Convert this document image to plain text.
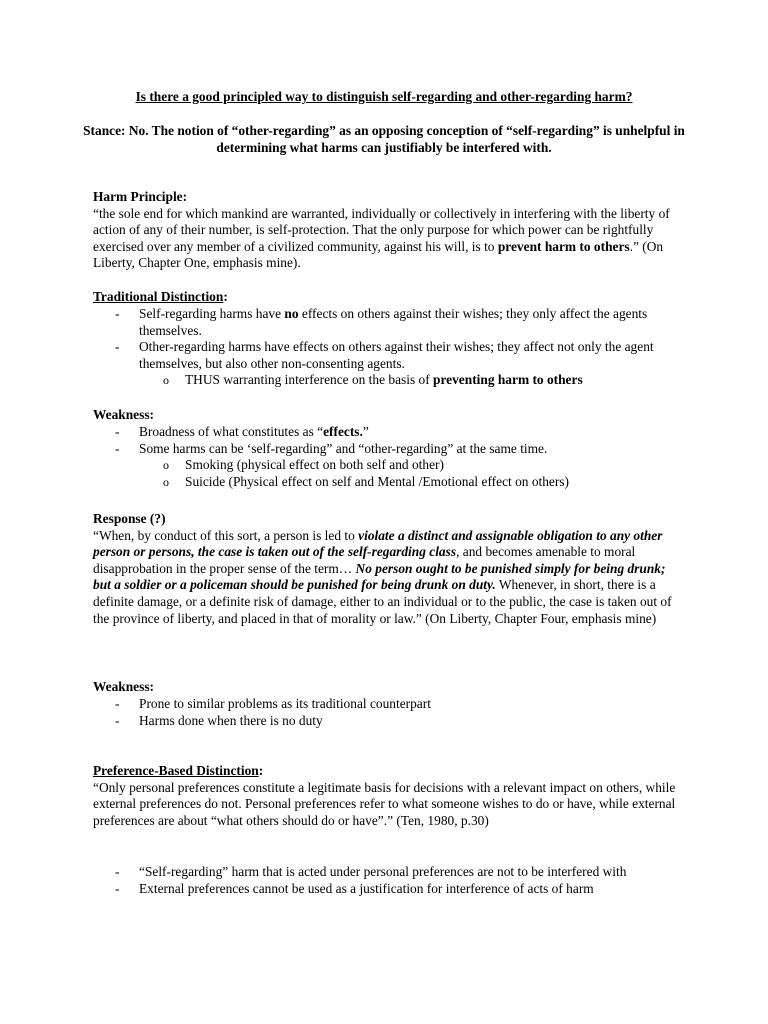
Is there a good principled way to distinguish self-regarding and other-regarding harm?
Stance: No. The notion of “other-regarding” as an opposing conception of “self-regarding” is unhelpful in determining what harms can justifiably be interfered with.

Harm Principle:

“the sole end for which mankind are warranted, individually or collectively in interfering with the liberty of action of any of their number, is self-protection. That the only purpose for which power can be rightfully exercised over any member of a civilized community, against his will, is to prevent harm to others.” (On Liberty, Chapter One, emphasis mine).

Traditional Distinction:

- Self-regarding harms have no effects on others against their wishes; they only affect the agents themselves.
- Other-regarding harms have effects on others against their wishes; they affect not only the agent themselves, but also other non-consenting agents.
o THUS warranting interference on the basis of preventing harm to others

Weakness:

- Broadness of what constitutes as “effects.”
- Some harms can be ‘self-regarding” and “other-regarding” at the same time.
o Smoking (physical effect on both self and other)
o Suicide (Physical effect on self and Mental /Emotional effect on others)

Response (?)

“When, by conduct of this sort, a person is led to violate a distinct and assignable obligation to any other person or persons, the case is taken out of the self-regarding class, and becomes amenable to moral disapprobation in the proper sense of the term… No person ought to be punished simply for being drunk; but a soldier or a policeman should be punished for being drunk on duty. Whenever, in short, there is a definite damage, or a definite risk of damage, either to an individual or to the public, the case is taken out of the province of liberty, and placed in that of morality or law.” (On Liberty, Chapter Four, emphasis mine)

Weakness:

- Prone to similar problems as its traditional counterpart
- Harms done when there is no duty

Preference-Based Distinction:

“Only personal preferences constitute a legitimate basis for decisions with a relevant impact on others, while external preferences do not. Personal preferences refer to what someone wishes to do or have, while external preferences are about “what others should do or have”.” (Ten, 1980, p.30)

- “Self-regarding” harm that is acted under personal preferences are not to be interfered with
- External preferences cannot be used as a justification for interference of acts of harm
